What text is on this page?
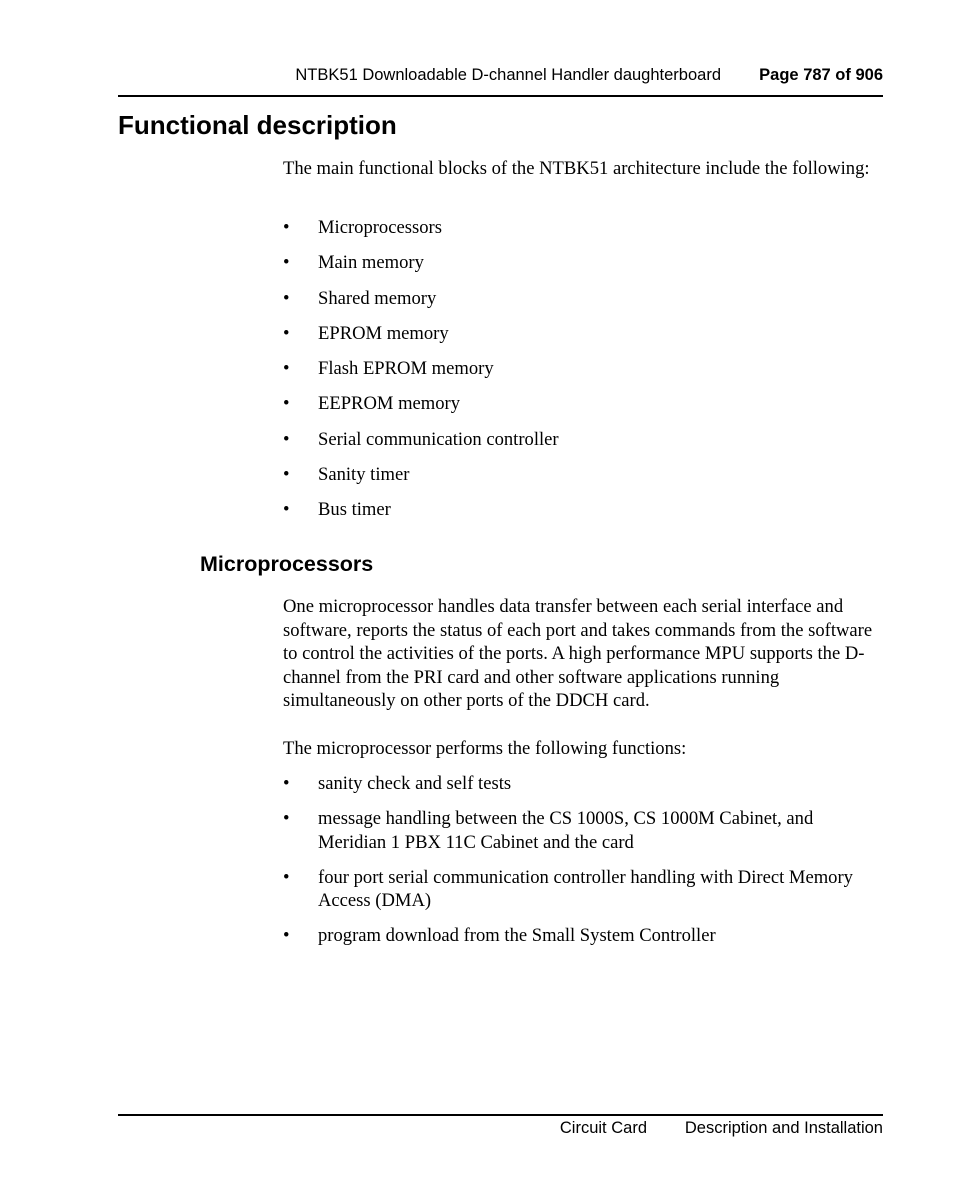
NTBK51 Downloadable D-channel Handler daughterboard Page 787 of 906
Functional description

The main functional blocks of the NTBK51 architecture include the following:

• Microprocessors
• Main memory
• Shared memory
• EPROM memory
• Flash EPROM memory
• EEPROM memory
• Serial communication controller
• Sanity timer
• Bus timer
Microprocessors

One microprocessor handles data transfer between each serial interface and software, reports the status of each port and takes commands from the software to control the activities of the ports. A high performance MPU supports the D-channel from the PRI card and other software applications running simultaneously on other ports of the DDCH card.

The microprocessor performs the following functions:

• sanity check and self tests
• message handling between the CS 1000S, CS 1000M Cabinet, and Meridian 1 PBX 11C Cabinet and the card
• four port serial communication controller handling with Direct Memory Access (DMA)
• program download from the Small System Controller
Circuit Card Description and Installation
